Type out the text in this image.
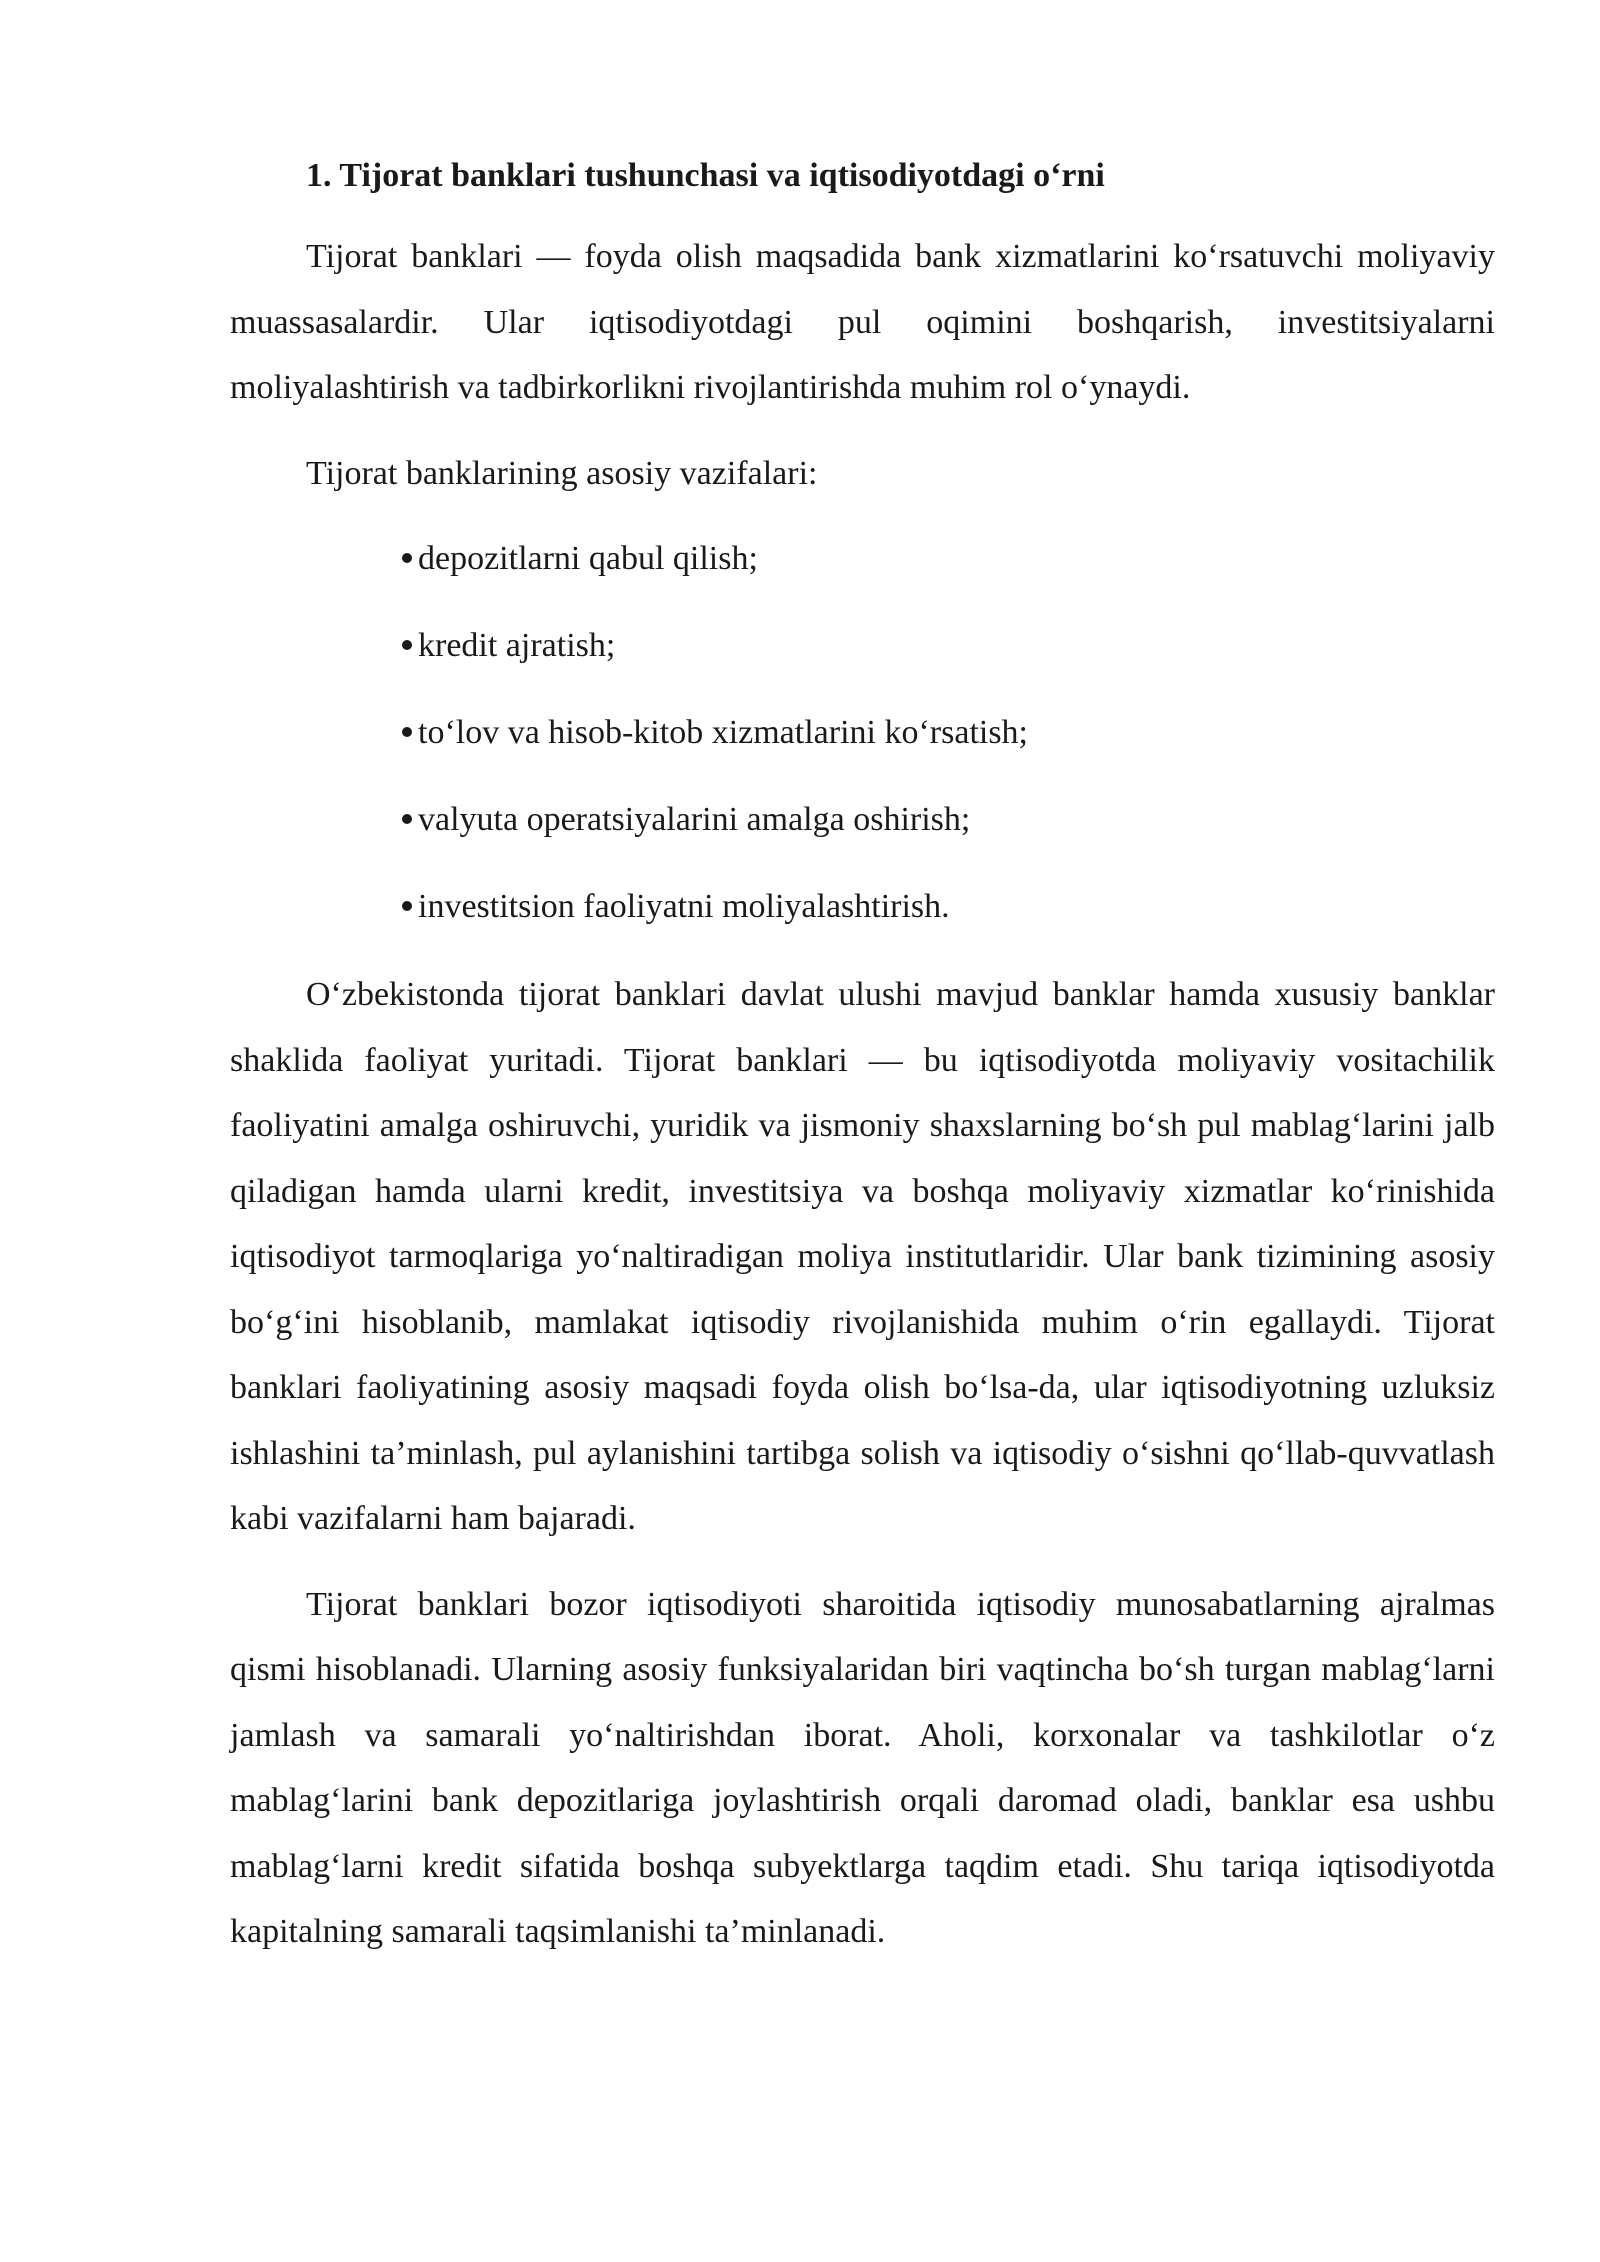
1. Tijorat banklari tushunchasi va iqtisodiyotdagi o‘rni

Tijorat banklari — foyda olish maqsadida bank xizmatlarini ko‘rsatuvchi moliyaviy muassasalardir. Ular iqtisodiyotdagi pul oqimini boshqarish, investitsiyalarni moliyalashtirish va tadbirkorlikni rivojlantirishda muhim rol o‘ynaydi.

Tijorat banklarining asosiy vazifalari:

depozitlarni qabul qilish;
kredit ajratish;
to‘lov va hisob-kitob xizmatlarini ko‘rsatish;
valyuta operatsiyalarini amalga oshirish;
investitsion faoliyatni moliyalashtirish.

O‘zbekistonda tijorat banklari davlat ulushi mavjud banklar hamda xususiy banklar shaklida faoliyat yuritadi. Tijorat banklari — bu iqtisodiyotda moliyaviy vositachilik faoliyatini amalga oshiruvchi, yuridik va jismoniy shaxslarning bo‘sh pul mablag‘larini jalb qiladigan hamda ularni kredit, investitsiya va boshqa moliyaviy xizmatlar ko‘rinishida iqtisodiyot tarmoqlariga yo‘naltiradigan moliya institutlaridir. Ular bank tizimining asosiy bo‘g‘ini hisoblanib, mamlakat iqtisodiy rivojlanishida muhim o‘rin egallaydi. Tijorat banklari faoliyatining asosiy maqsadi foyda olish bo‘lsa-da, ular iqtisodiyotning uzluksiz ishlashini ta’minlash, pul aylanishini tartibga solish va iqtisodiy o‘sishni qo‘llab-quvvatlash kabi vazifalarni ham bajaradi.

Tijorat banklari bozor iqtisodiyoti sharoitida iqtisodiy munosabatlarning ajralmas qismi hisoblanadi. Ularning asosiy funksiyalaridan biri vaqtincha bo‘sh turgan mablag‘larni jamlash va samarali yo‘naltirishdan iborat. Aholi, korxonalar va tashkilotlar o‘z mablag‘larini bank depozitlariga joylashtirish orqali daromad oladi, banklar esa ushbu mablag‘larni kredit sifatida boshqa subyektlarga taqdim etadi. Shu tariqa iqtisodiyotda kapitalning samarali taqsimlanishi ta’minlanadi.
